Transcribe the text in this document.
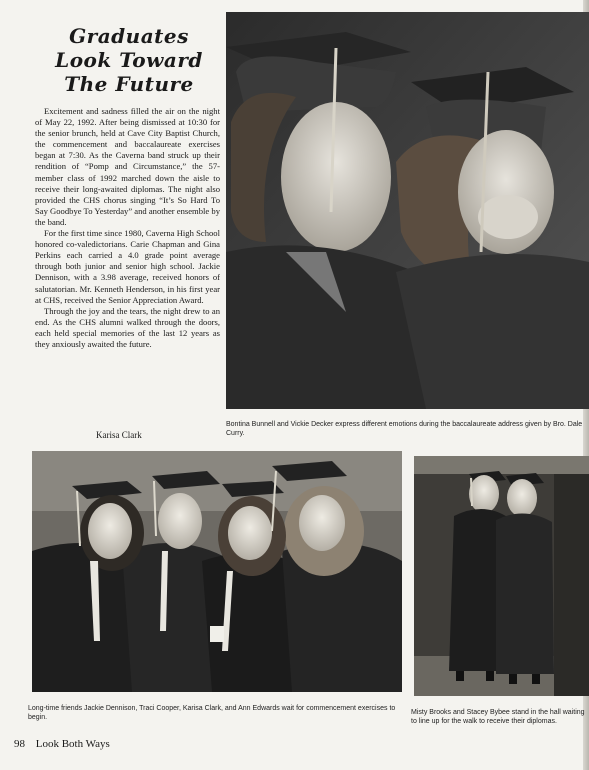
Graduates
Look Toward
The Future

Excitement and sadness filled the air on the night of May 22, 1992. After being dismissed at 10:30 for the senior brunch, held at Cave City Baptist Church, the commencement and baccalaureate exercises began at 7:30. As the Caverna band struck up their rendition of “Pomp and Circumstance,” the 57-member class of 1992 marched down the aisle to receive their long-awaited diplomas. The night also provided the CHS chorus singing “It’s So Hard To Say Goodbye To Yesterday” and another ensemble by the band.

For the first time since 1980, Caverna High School honored co-valedictorians. Carie Chapman and Gina Perkins each carried a 4.0 grade point average through both junior and senior high school. Jackie Dennison, with a 3.98 average, received honors of salutatorian. Mr. Kenneth Henderson, in his first year at CHS, received the Senior Appreciation Award.

Through the joy and the tears, the night drew to an end. As the CHS alumni walked through the doors, each held special memories of the last 12 years as they anxiously awaited the future.

Karisa Clark
Bontina Bunnell and Vickie Decker express different emotions during the baccalaureate address given by Bro. Dale Curry.
Long-time friends Jackie Dennison, Traci Cooper, Karisa Clark, and Ann Edwards wait for commencement exercises to begin.
Misty Brooks and Stacey Bybee stand in the hall waiting to line up for the walk to receive their diplomas.
98 Look Both Ways
